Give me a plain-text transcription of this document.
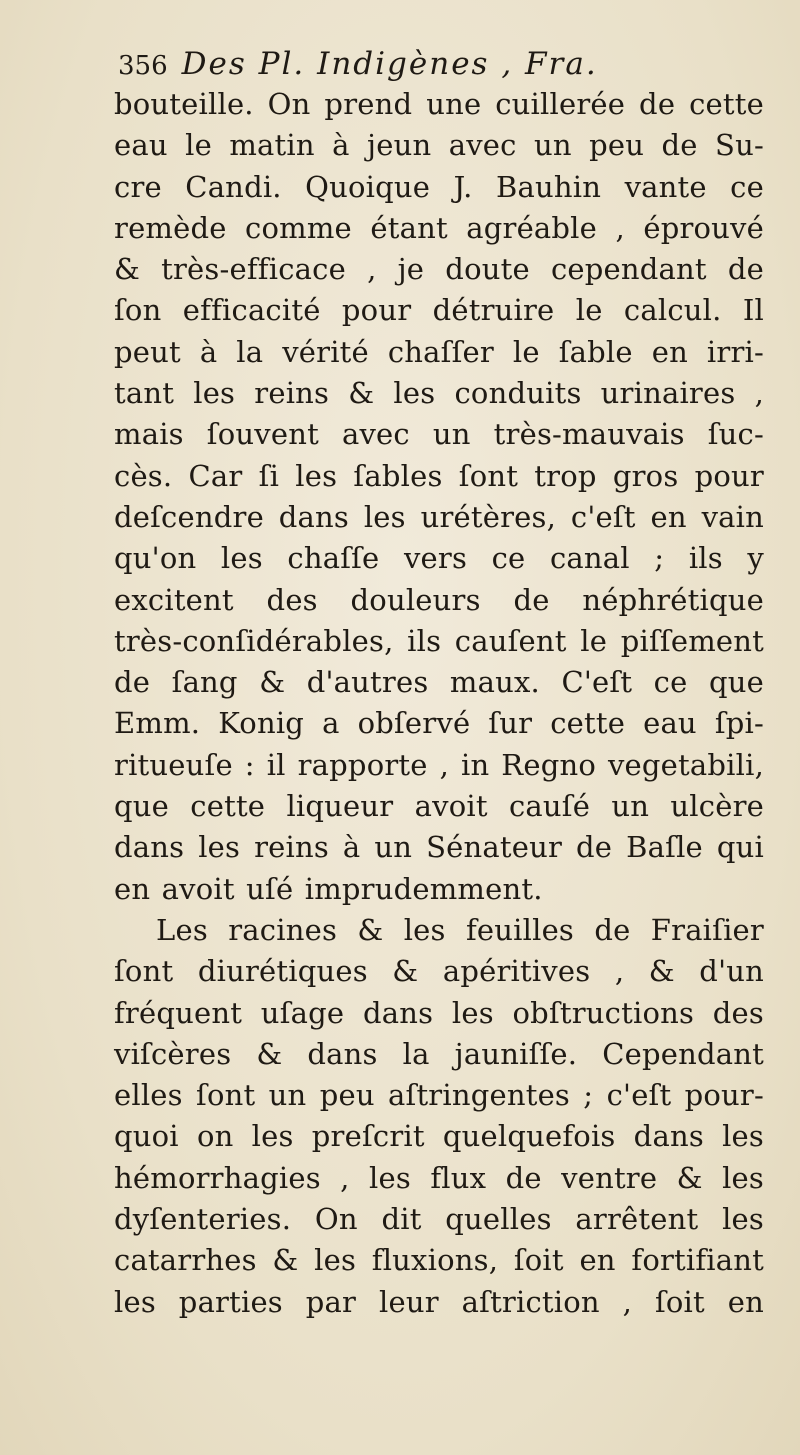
356 Des Pl. Indigènes , Fra.
bouteille. On prend une cuillerée de cette
eau le matin à jeun avec un peu de Su-
cre Candi. Quoique J. Bauhin vante ce
remède comme étant agréable , éprouvé
& très-efficace , je doute cependant de
ſon efficacité pour détruire le calcul. Il
peut à la vérité chaſſer le ſable en irri-
tant les reins & les conduits urinaires ,
mais ſouvent avec un très-mauvais ſuc-
cès. Car ſi les ſables ſont trop gros pour
deſcendre dans les urétères, c'eſt en vain
qu'on les chaſſe vers ce canal ; ils y
excitent des douleurs de néphrétique
très-conſidérables, ils cauſent le piſſement
de ſang & d'autres maux. C'eſt ce que
Emm. Konig a obſervé ſur cette eau ſpi-
ritueuſe : il rapporte , in Regno vegetabili,
que cette liqueur avoit cauſé un ulcère
dans les reins à un Sénateur de Baſle qui
en avoit uſé imprudemment.
Les racines & les feuilles de Fraiſier
ſont diurétiques & apéritives , & d'un
fréquent uſage dans les obſtructions des
viſcères & dans la jauniſſe. Cependant
elles ſont un peu aſtringentes ; c'eſt pour-
quoi on les preſcrit quelquefois dans les
hémorrhagies , les flux de ventre & les
dyſenteries. On dit quelles arrêtent les
catarrhes & les fluxions, ſoit en fortifiant
les parties par leur aſtriction , ſoit en
